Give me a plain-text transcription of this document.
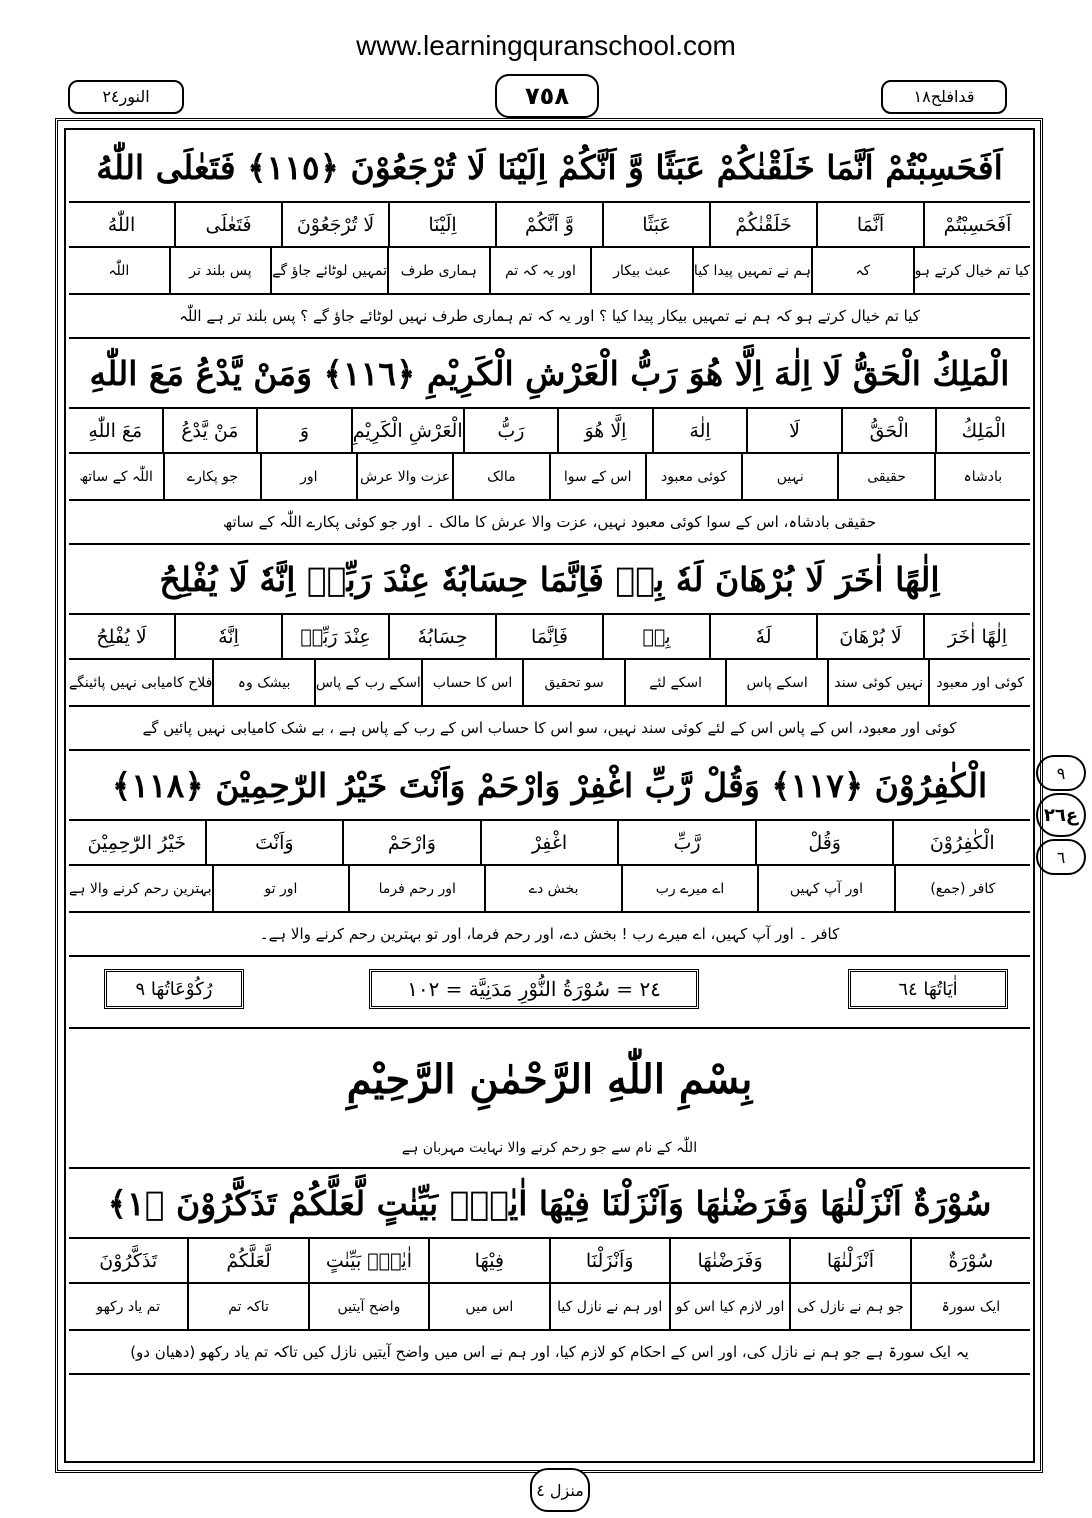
www.learningquranschool.com
النور٢٤	٧٥٨	قدافلح١٨
اَفَحَسِبْتُمْ اَنَّمَا خَلَقْنٰكُمْ عَبَثًا وَّ اَنَّكُمْ اِلَيْنَا لَا تُرْجَعُوْنَ ﴿١١٥﴾ فَتَعٰلَى اللّٰهُ
اَفَحَسِبْتُمْ
اَنَّمَا
خَلَقْنٰكُمْ
عَبَثًا
وَّ اَنَّكُمْ
اِلَيْنَا
لَا تُرْجَعُوْنَ
فَتَعٰلَى
اللّٰهُ
کیا تم خیال کرتے ہو
کہ
ہم نے تمہیں پیدا کیا
عبث بیکار
اور یہ کہ تم
ہماری طرف
تمہیں لوٹائے جاؤ گے
پس بلند تر
اللّٰہ
کیا تم خیال کرتے ہو کہ ہم نے تمہیں بیکار پیدا کیا ؟ اور یہ کہ تم ہماری طرف نہیں لوٹائے جاؤ گے ؟ پس بلند تر ہے اللّٰہ
الْمَلِكُ الْحَقُّ لَا اِلٰهَ اِلَّا هُوَ رَبُّ الْعَرْشِ الْكَرِيْمِ ﴿١١٦﴾ وَمَنْ يَّدْعُ مَعَ اللّٰهِ
الْمَلِكُ
الْحَقُّ
لَا
اِلٰهَ
اِلَّا هُوَ
رَبُّ
الْعَرْشِ الْكَرِيْمِ
وَ
مَنْ يَّدْعُ
مَعَ اللّٰهِ
بادشاہ
حقیقی
نہیں
کوئی معبود
اس کے سوا
مالک
عزت والا عرش
اور
جو پکارے
اللّٰہ کے ساتھ
حقیقی بادشاہ، اس کے سوا کوئی معبود نہیں، عزت والا عرش کا مالک ۔ اور جو کوئی پکارے اللّٰہ کے ساتھ
اِلٰهًا اٰخَرَ لَا بُرْهَانَ لَهٗ بِهٖ فَاِنَّمَا حِسَابُهٗ عِنْدَ رَبِّهٖ اِنَّهٗ لَا يُفْلِحُ
اِلٰهًا اٰخَرَ
لَا بُرْهَانَ
لَهٗ
بِهٖ
فَاِنَّمَا
حِسَابُهٗ
عِنْدَ رَبِّهٖ
اِنَّهٗ
لَا يُفْلِحُ
کوئی اور معبود
نہیں کوئی سند
اسکے پاس
اسکے لئے
سو تحقیق
اس کا حساب
اسکے رب کے پاس
بیشک وہ
فلاح کامیابی نہیں پائینگے
کوئی اور معبود، اس کے پاس اس کے لئے کوئی سند نہیں، سو اس کا حساب اس کے رب کے پاس ہے ، بے شک کامیابی نہیں پائیں گے
الْكٰفِرُوْنَ ﴿١١٧﴾ وَقُلْ رَّبِّ اغْفِرْ وَارْحَمْ وَاَنْتَ خَيْرُ الرّٰحِمِيْنَ ﴿١١٨﴾
الْكٰفِرُوْنَ
وَقُلْ
رَّبِّ
اغْفِرْ
وَارْحَمْ
وَاَنْتَ
خَيْرُ الرّٰحِمِيْنَ
کافر (جمع)
اور آپ کہیں
اے میرے رب
بخش دے
اور رحم فرما
اور تو
بہترین رحم کرنے والا ہے
کافر ۔ اور آپ کہیں، اے میرے رب ! بخش دے، اور رحم فرما، اور تو بہترین رحم کرنے والا ہے۔
اٰيَاتُهَا ٦٤
٢٤ = سُوْرَةُ النُّوْرِ مَدَنِيَّة = ١٠٢
رُكُوْعَاتُهَا ٩
بِسْمِ اللّٰهِ الرَّحْمٰنِ الرَّحِيْمِ
اللّٰہ کے نام سے جو رحم کرنے والا نہایت مہربان ہے
سُوْرَةٌ اَنْزَلْنٰهَا وَفَرَضْنٰهَا وَاَنْزَلْنَا فِيْهَا اٰيٰتٍۭ بَيِّنٰتٍ لَّعَلَّكُمْ تَذَكَّرُوْنَ ﴿١﴾
سُوْرَةٌ
اَنْزَلْنٰهَا
وَفَرَضْنٰهَا
وَاَنْزَلْنَا
فِيْهَا
اٰيٰتٍۭ بَيِّنٰتٍ
لَّعَلَّكُمْ
تَذَكَّرُوْنَ
ایک سورۃ
جو ہم نے نازل کی
اور لازم کیا اس کو
اور ہم نے نازل کیا
اس میں
واضح آیتیں
تاکہ تم
تم یاد رکھو
یہ ایک سورۃ ہے جو ہم نے نازل کی، اور اس کے احکام کو لازم کیا، اور ہم نے اس میں واضح آیتیں نازل کیں تاکہ تم یاد رکھو (دھیان دو)
٩
ع٢٦
٦
منزل ٤
